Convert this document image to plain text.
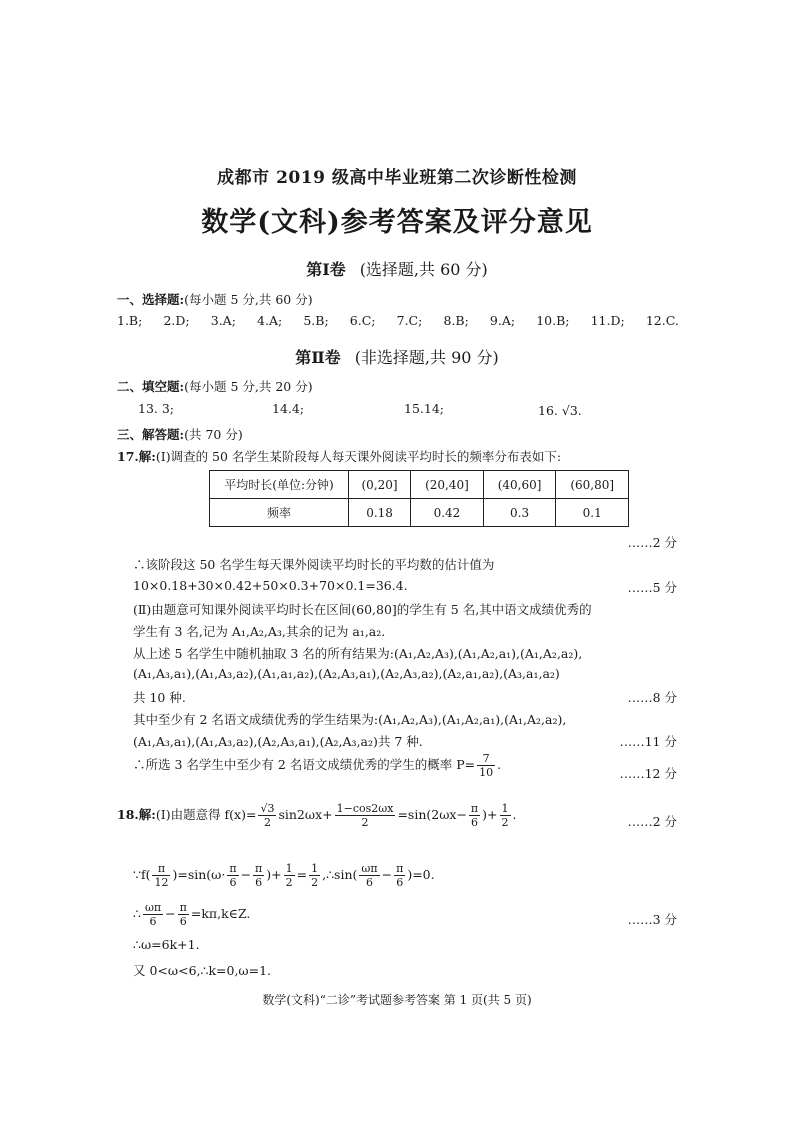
成都市 2019 级高中毕业班第二次诊断性检测
数学(文科)参考答案及评分意见
第Ⅰ卷 (选择题,共 60 分)
一、选择题:(每小题 5 分,共 60 分)
1.B; 2.D; 3.A; 4.A; 5.B; 6.C; 7.C; 8.B; 9.A; 10.B; 11.D; 12.C.
第Ⅱ卷 (非选择题,共 90 分)
二、填空题:(每小题 5 分,共 20 分)
13. 3;	14.4;	15.14;	16. √3.
三、解答题:(共 70 分)
17.解:(Ⅰ)调查的 50 名学生某阶段每人每天课外阅读平均时长的频率分布表如下:
平均时长(单位:分钟)	(0,20]	(20,40]	(40,60]	(60,80]
频率	0.18	0.42	0.3	0.1
……2 分
∴该阶段这 50 名学生每天课外阅读平均时长的平均数的估计值为
10×0.18+30×0.42+50×0.3+70×0.1=36.4.	……5 分
(Ⅱ)由题意可知课外阅读平均时长在区间(60,80]的学生有 5 名,其中语文成绩优秀的
学生有 3 名,记为 A₁,A₂,A₃,其余的记为 a₁,a₂.
从上述 5 名学生中随机抽取 3 名的所有结果为:(A₁,A₂,A₃),(A₁,A₂,a₁),(A₁,A₂,a₂),
(A₁,A₃,a₁),(A₁,A₃,a₂),(A₁,a₁,a₂),(A₂,A₃,a₁),(A₂,A₃,a₂),(A₂,a₁,a₂),(A₃,a₁,a₂)
共 10 种.	……8 分
其中至少有 2 名语文成绩优秀的学生结果为:(A₁,A₂,A₃),(A₁,A₂,a₁),(A₁,A₂,a₂),
(A₁,A₃,a₁),(A₁,A₃,a₂),(A₂,A₃,a₁),(A₂,A₃,a₂)共 7 种.	……11 分
∴所选 3 名学生中至少有 2 名语文成绩优秀的学生的概率 $P= \frac{7}{10}$ .
……12 分
18.解:(Ⅰ)由题意得 $f(x)= \frac{√3}{2} \sin 2\omega x+ \frac{1-\cos 2\omega x}{2} =\sin(2\omega x- \frac{\pi}{6}$ )+ $\frac{1}{2}$ .	……2 分
∵f( $\frac{\pi}{12} )=\sin(\omega\cdot \frac{\pi}{6} - \frac{\pi}{6}$ )+ $\frac{1}{2} = \frac{1}{2}$ ,∴sin( $\frac{\omega\pi}{6} - \frac{\pi}{6} )=0$.
∴ $\frac{\omega\pi}{6} - \frac{\pi}{6}$ =kπ,k∈Z.	……3 分
∴ω=6k+1.
又 0<ω<6,∴k=0,ω=1.
数学(文科)“二诊”考试题参考答案 第 1 页(共 5 页)
